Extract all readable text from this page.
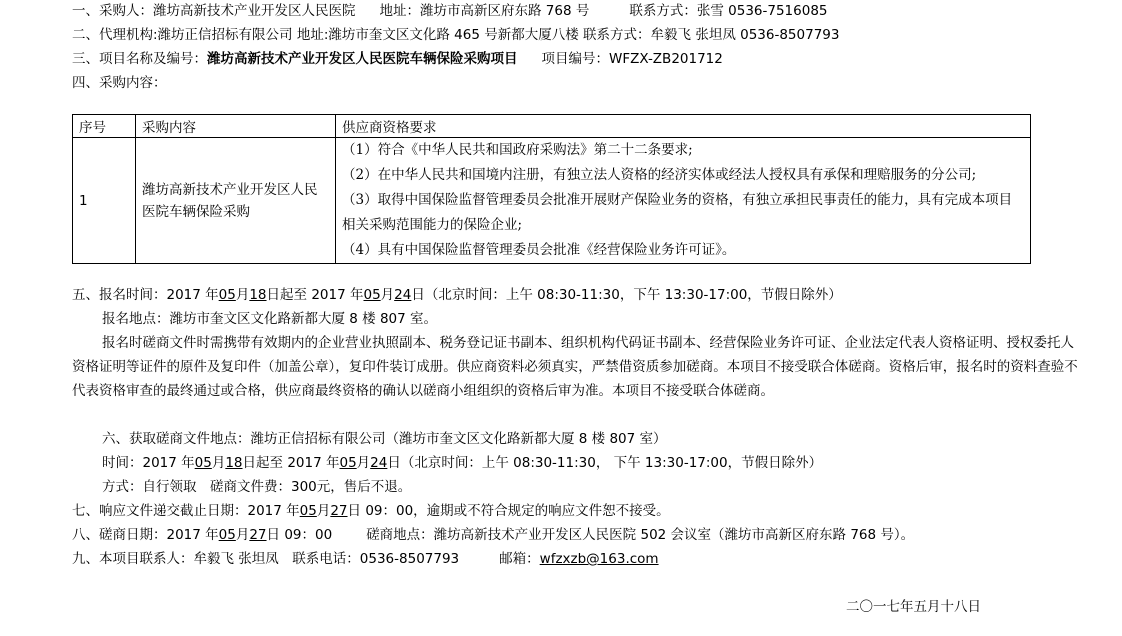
一、采购人：潍坊高新技术产业开发区人民医院 地址：潍坊市高新区府东路 768 号	联系方式：张雪 0536-7516085
二、代理机构:潍坊正信招标有限公司 地址:潍坊市奎文区文化路 465 号新都大厦八楼 联系方式：牟毅飞 张坦凤 0536-8507793
三、项目名称及编号：潍坊高新技术产业开发区人民医院车辆保险采购项目 项目编号：WFZX-ZB201712
四、采购内容：
序号	采购内容	供应商资格要求
1	潍坊高新技术产业开发区人民医院车辆保险采购	（1）符合《中华人民共和国政府采购法》第二十二条要求;

（2）在中华人民共和国境内注册，有独立法人资格的经济实体或经法人授权具有承保和理赔服务的分公司;

（3）取得中国保险监督管理委员会批准开展财产保险业务的资格，有独立承担民事责任的能力，具有完成本项目相关采购范围能力的保险企业;

（4）具有中国保险监督管理委员会批准《经营保险业务许可证》。

五、报名时间：2017 年05月18日起至 2017 年05月24日（北京时间：上午 08:30-11:30，下午 13:30-17:00，节假日除外）
报名地点：潍坊市奎文区文化路新都大厦 8 楼 807 室。
报名时磋商文件时需携带有效期内的企业营业执照副本、税务登记证书副本、组织机构代码证书副本、经营保险业务许可证、企业法定代表人资格证明、授权委托人资格证明等证件的原件及复印件（加盖公章），复印件装订成册。供应商资料必须真实，严禁借资质参加磋商。本项目不接受联合体磋商。资格后审，报名时的资料查验不代表资格审查的最终通过或合格，供应商最终资格的确认以磋商小组组织的资格后审为准。本项目不接受联合体磋商。
六、获取磋商文件地点：潍坊正信招标有限公司（潍坊市奎文区文化路新都大厦 8 楼 807 室）
时间：2017 年05月18日起至 2017 年05月24日（北京时间：上午 08:30-11:30， 下午 13:30-17:00，节假日除外）
方式：自行领取　磋商文件费：300元，售后不退。
七、响应文件递交截止日期：2017 年05月27日 09：00，逾期或不符合规定的响应文件恕不接受。
八、磋商日期：2017 年05月27日 09：00	磋商地点：潍坊高新技术产业开发区人民医院 502 会议室（潍坊市高新区府东路 768 号）。
九、本项目联系人：牟毅飞 张坦凤　联系电话：0536-8507793	邮箱：wfzxzb@163.com
二〇一七年五月十八日
